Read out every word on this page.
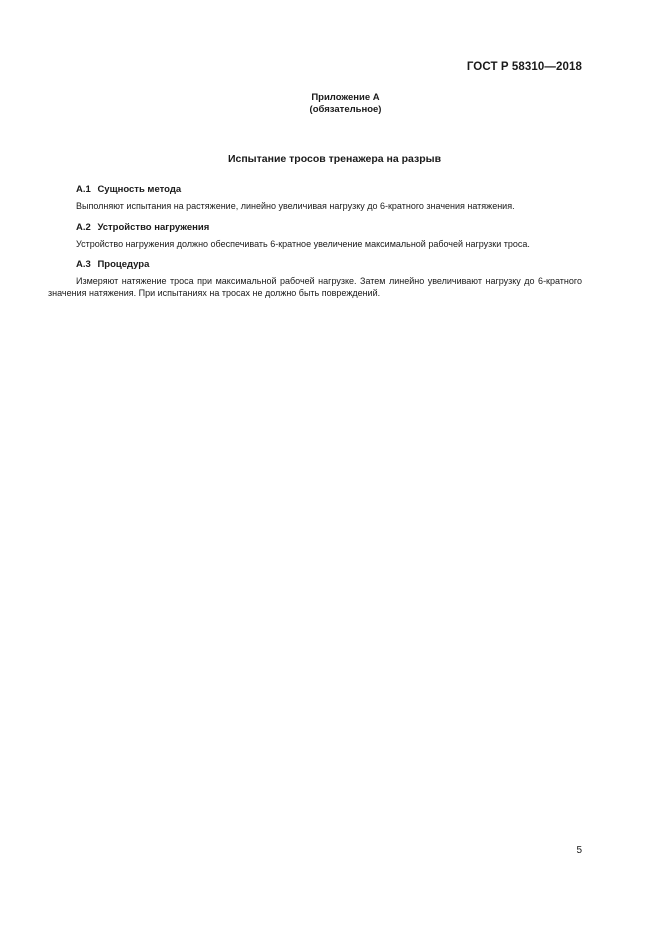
ГОСТ Р 58310—2018
Приложение А
(обязательное)
Испытание тросов тренажера на разрыв
А.1 Сущность метода
Выполняют испытания на растяжение, линейно увеличивая нагрузку до 6-кратного значения натяжения.
А.2 Устройство нагружения
Устройство нагружения должно обеспечивать 6-кратное увеличение максимальной рабочей нагрузки троса.
А.3 Процедура
Измеряют натяжение троса при максимальной рабочей нагрузке. Затем линейно увеличивают нагрузку до 6-кратного значения натяжения. При испытаниях на тросах не должно быть повреждений.
5
